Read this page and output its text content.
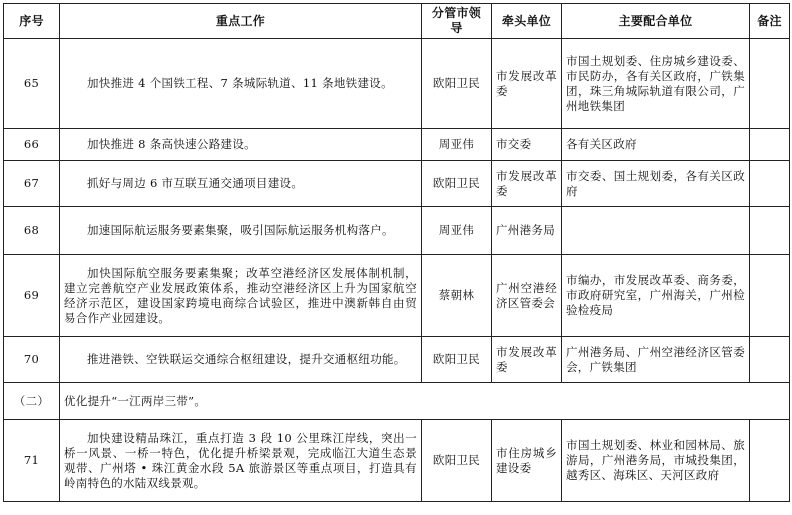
序号	重点工作	分管市领导	牵头单位	主要配合单位	备注
65	加快推进 4 个国铁工程、7 条城际轨道、11 条地铁建设。	欧阳卫民	市发展改革委	市国土规划委、住房城乡建设委、市民防办，各有关区政府，广铁集团，珠三角城际轨道有限公司，广州地铁集团	
66	加快推进 8 条高快速公路建设。	周亚伟	市交委	各有关区政府	
67	抓好与周边 6 市互联互通交通项目建设。	欧阳卫民	市发展改革委	市交委、国土规划委，各有关区政府	
68	加速国际航运服务要素集聚，吸引国际航运服务机构落户。	周亚伟	广州港务局		
69	加快国际航空服务要素集聚；改革空港经济区发展体制机制，建立完善航空产业发展政策体系，推动空港经济区上升为国家航空经济示范区，建设国家跨境电商综合试验区，推进中澳新韩自由贸易合作产业园建设。	蔡朝林	广州空港经济区管委会	市编办，市发展改革委、商务委，市政府研究室，广州海关，广州检验检疫局	
70	推进港铁、空铁联运交通综合枢纽建设，提升交通枢纽功能。	欧阳卫民	市发展改革委	广州港务局、广州空港经济区管委会，广铁集团	
（二）	优化提升“一江两岸三带”。				
71	加快建设精品珠江，重点打造 3 段 10 公里珠江岸线，突出一桥一风景、一桥一特色，优化提升桥梁景观，完成临江大道生态景观带、广州塔 • 珠江黄金水段 5A 旅游景区等重点项目，打造具有岭南特色的水陆双线景观。	欧阳卫民	市住房城乡建设委	市国土规划委、林业和园林局、旅游局，广州港务局，市城投集团，越秀区、海珠区、天河区政府	
